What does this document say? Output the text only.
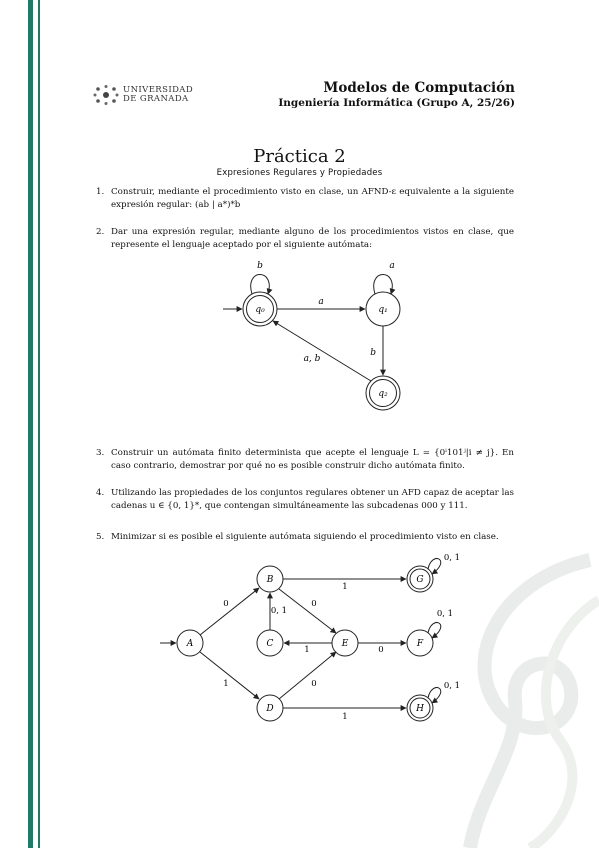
UNIVERSIDAD
DE GRANADA
Modelos de Computación
Ingeniería Informática (Grupo A, 25/26)
Práctica 2
Expresiones Regulares y Propiedades
1. Construir, mediante el procedimiento visto en clase, un AFND-ε equivalente a la siguiente expresión regular: (ab | a*)*b
2. Dar una expresión regular, mediante alguno de los procedimientos vistos en clase, que represente el lenguaje aceptado por el siguiente autómata:
q₀	q₁
q₂
b	a
a
b
a, b
3. Construir un autómata finito determinista que acepte el lenguaje L = {0ⁱ101ʲ|i ≠ j}. En caso contrario, demostrar por qué no es posible construir dicho autómata finito.
4. Utilizando las propiedades de los conjuntos regulares obtener un AFD capaz de aceptar las cadenas u ∈ {0, 1}*, que contengan simultáneamente las subcadenas 000 y 111.
5. Minimizar si es posible el siguiente autómata siguiendo el procedimiento visto en clase.
A
B
C
D
E	F
G
H
0
1
1
0
0, 1
1	0
0
1
0, 1
0, 1
0, 1
